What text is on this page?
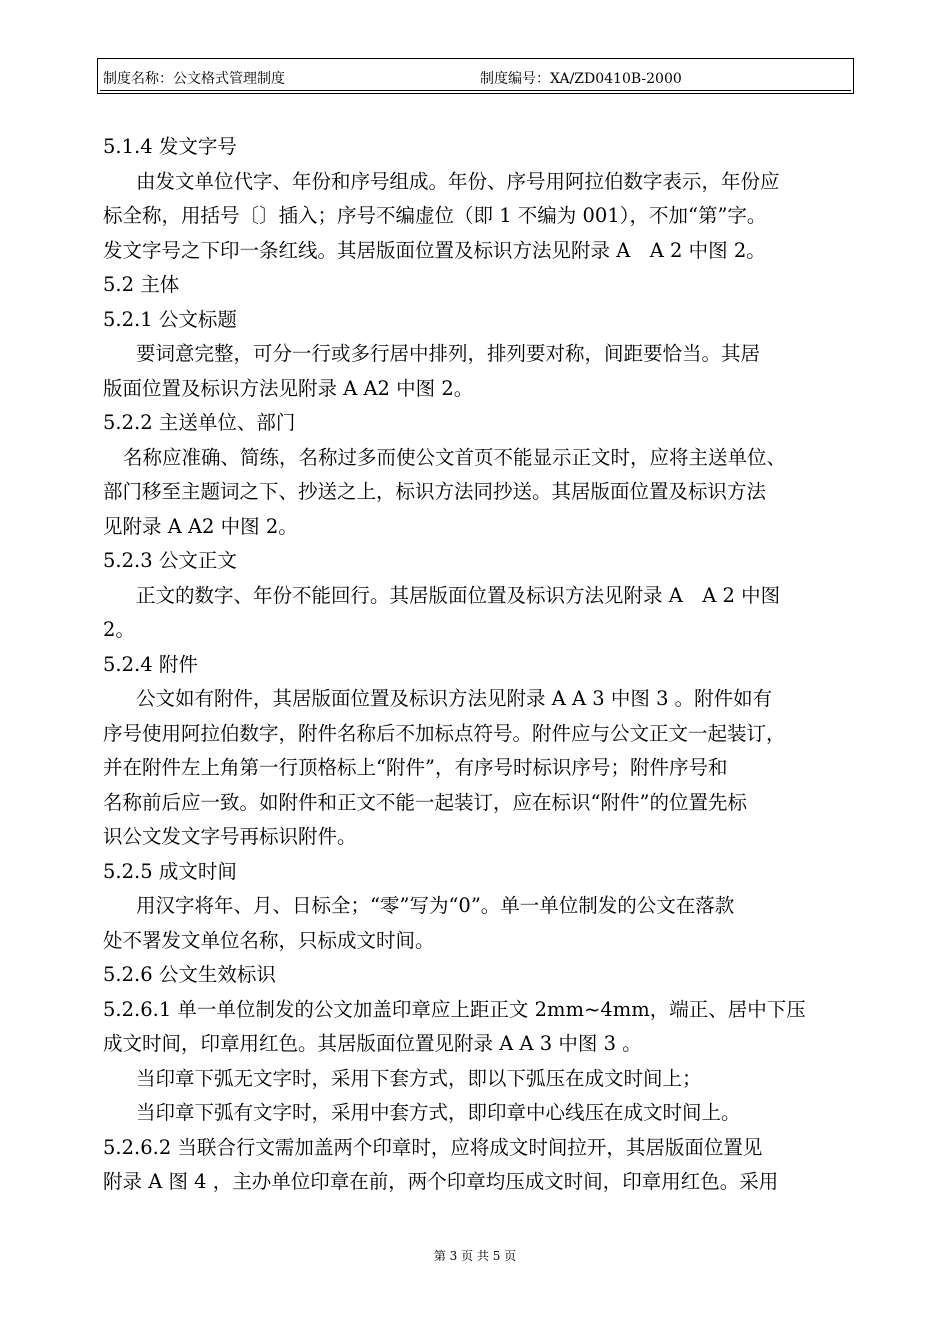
制度名称：公文格式管理制度	制度编号：XA/ZD0410B-2000
5.1.4 发文字号
由发文单位代字、年份和序号组成。年份、序号用阿拉伯数字表示，年份应
标全称，用括号〔〕插入；序号不编虚位（即 1 不编为 001），不加“第”字。
发文字号之下印一条红线。其居版面位置及标识方法见附录 A　A 2 中图 2。
5.2 主体
5.2.1 公文标题
要词意完整，可分一行或多行居中排列，排列要对称，间距要恰当。其居
版面位置及标识方法见附录 A A2 中图 2。
5.2.2 主送单位、部门
名称应准确、简练，名称过多而使公文首页不能显示正文时，应将主送单位、
部门移至主题词之下、抄送之上，标识方法同抄送。其居版面位置及标识方法
见附录 A A2 中图 2。
5.2.3 公文正文
正文的数字、年份不能回行。其居版面位置及标识方法见附录 A　A 2 中图
2。
5.2.4 附件
公文如有附件，其居版面位置及标识方法见附录 A A 3 中图 3 。附件如有
序号使用阿拉伯数字，附件名称后不加标点符号。附件应与公文正文一起装订，
并在附件左上角第一行顶格标上“附件”，有序号时标识序号；附件序号和
名称前后应一致。如附件和正文不能一起装订，应在标识“附件”的位置先标
识公文发文字号再标识附件。
5.2.5 成文时间
用汉字将年、月、日标全；“零”写为“0”。单一单位制发的公文在落款
处不署发文单位名称，只标成文时间。
5.2.6 公文生效标识
5.2.6.1 单一单位制发的公文加盖印章应上距正文 2mm~4mm，端正、居中下压
成文时间，印章用红色。其居版面位置见附录 A A 3 中图 3 。
当印章下弧无文字时，采用下套方式，即以下弧压在成文时间上；
当印章下弧有文字时，采用中套方式，即印章中心线压在成文时间上。
5.2.6.2 当联合行文需加盖两个印章时，应将成文时间拉开，其居版面位置见
附录 A 图 4 ，主办单位印章在前，两个印章均压成文时间，印章用红色。采用
第 3 页 共 5 页
